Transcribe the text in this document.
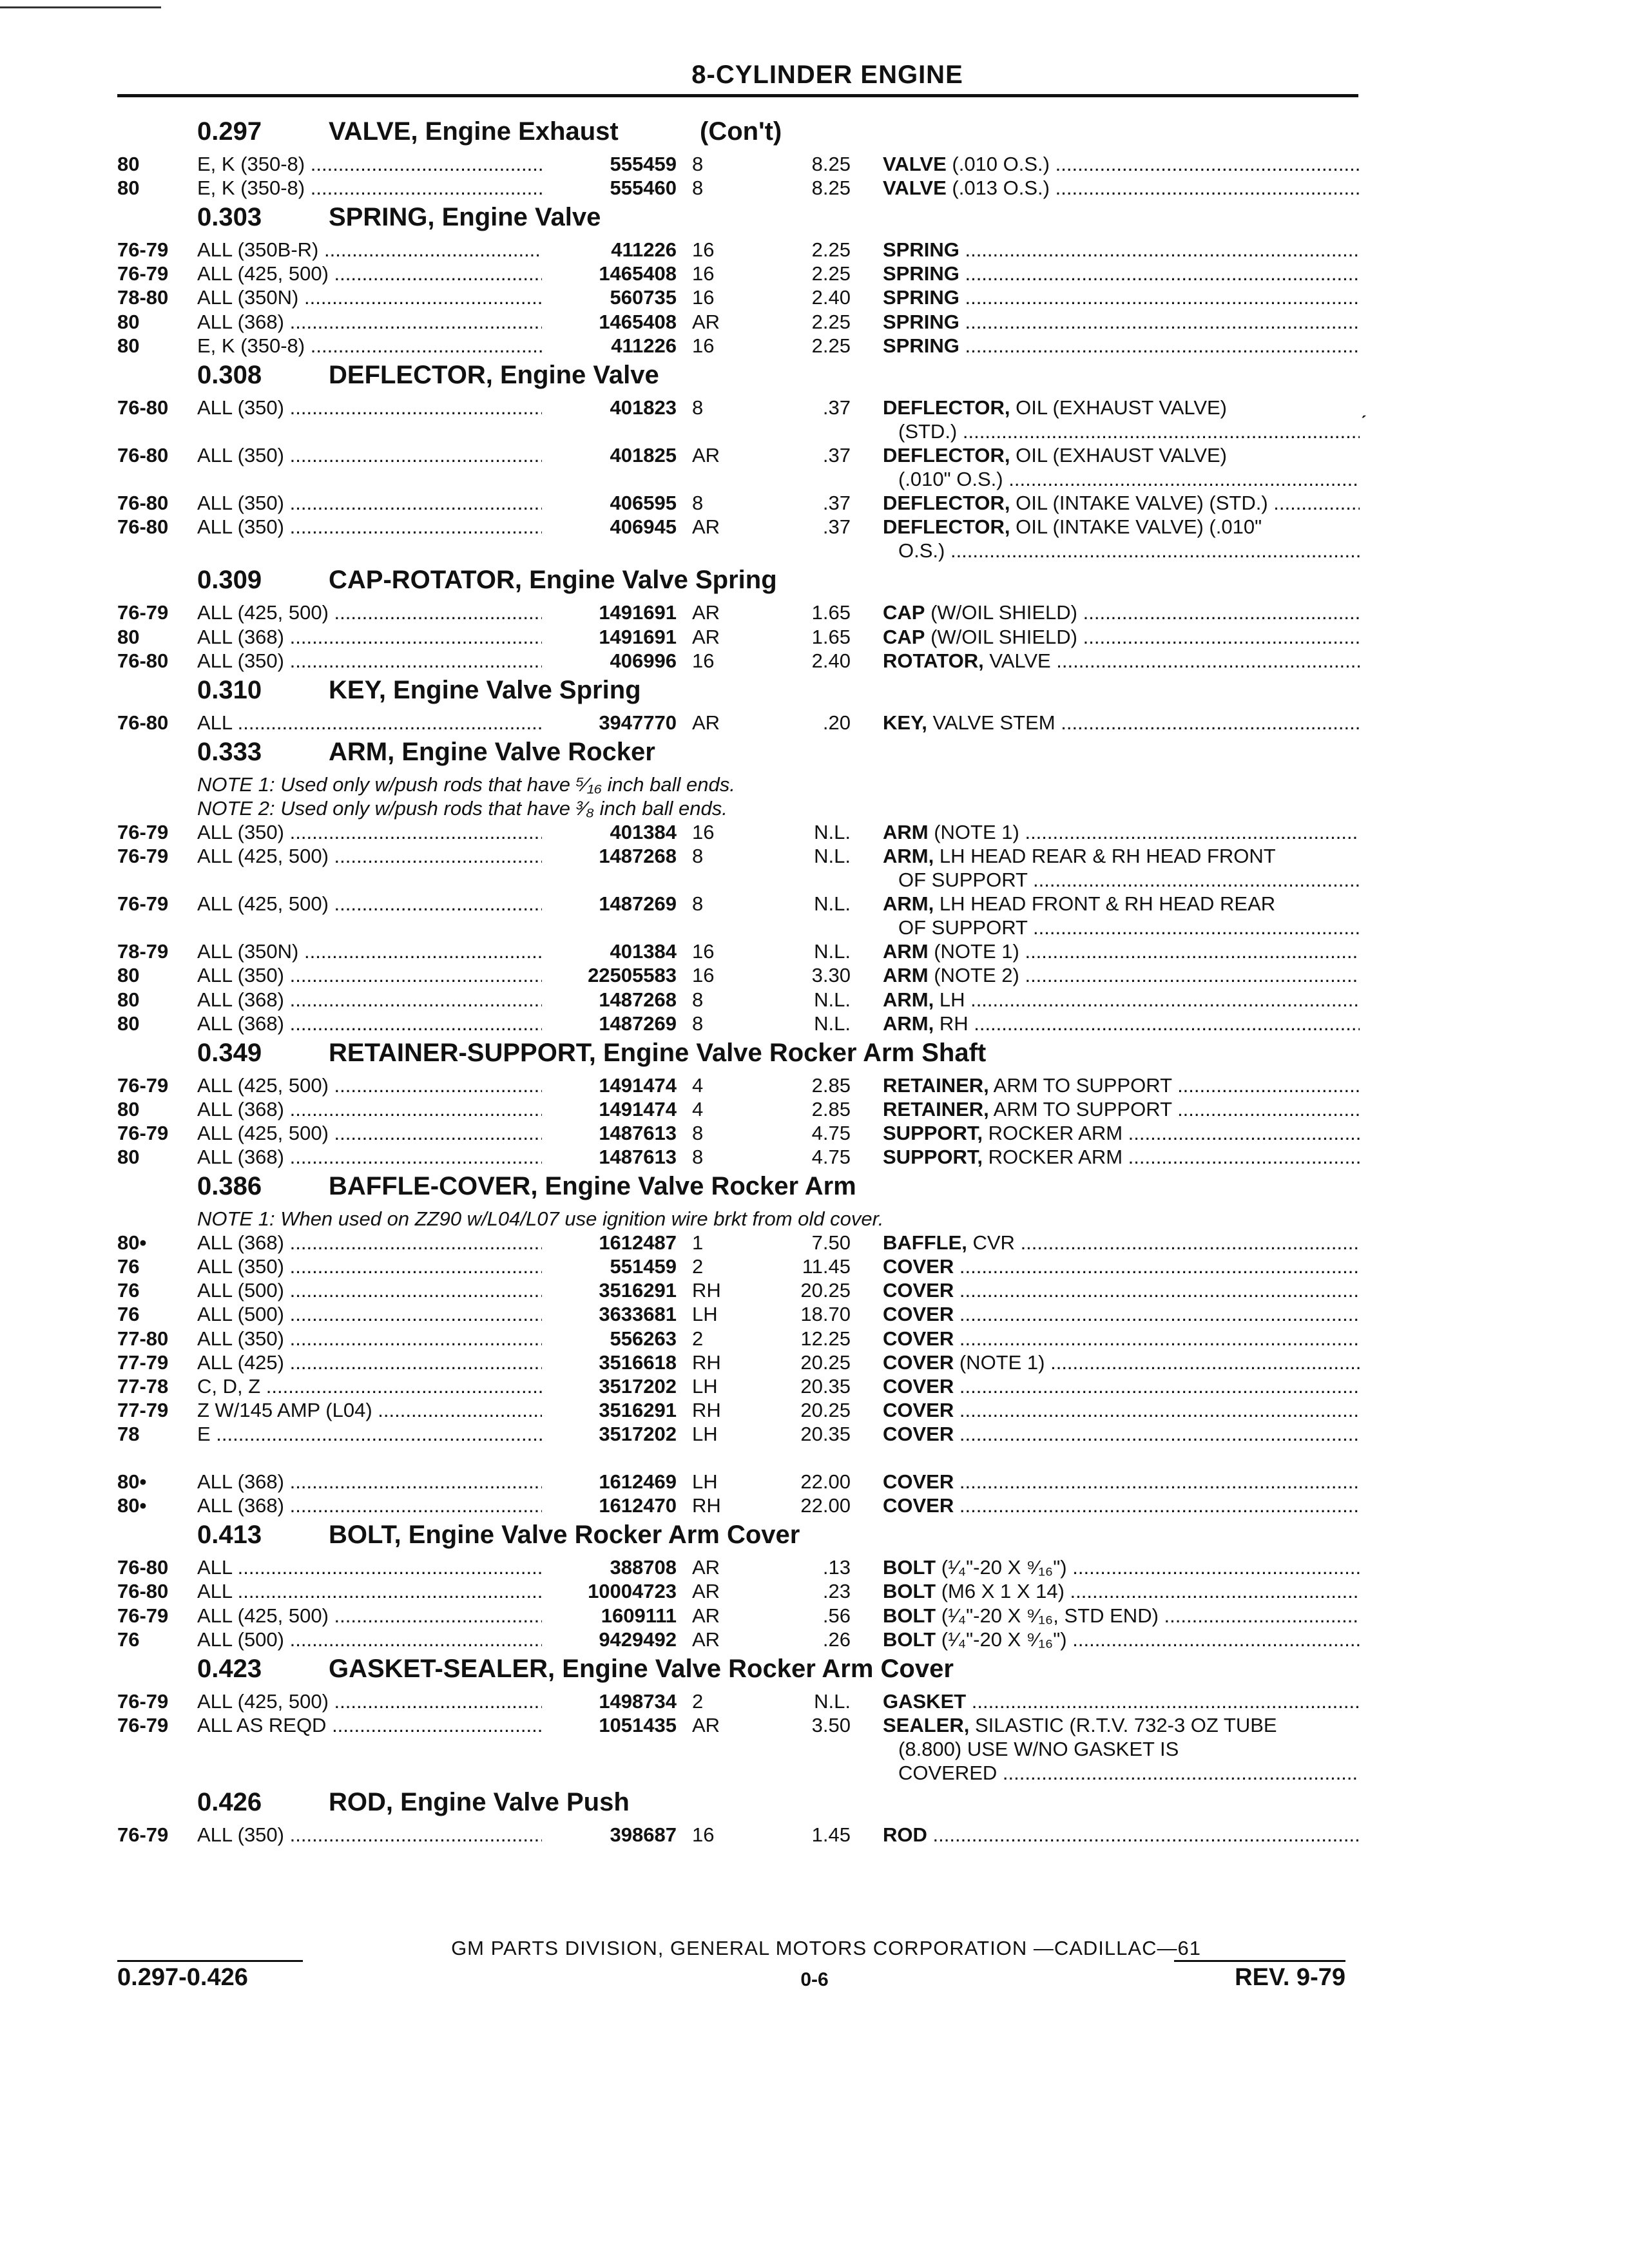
8-CYLINDER ENGINE
ˊ
0.297	VALVE, Engine Exhaust	(Con't)
80	E, K (350-8) .....	555459 8	8.25 VALVE (.010 O.S.) .....
80	E, K (350-8) .....	555460 8	8.25 VALVE (.013 O.S.) .....
0.303	SPRING, Engine Valve
76-79 ALL (350B-R) .....	411226 16	2.25 SPRING .....
76-79 ALL (425, 500) .....	1465408 16	2.25 SPRING .....
78-80 ALL (350N) .....	560735 16	2.40 SPRING .....
80	ALL (368) .....	1465408 AR	2.25 SPRING .....
80	E, K (350-8) .....	411226 16	2.25 SPRING .....
0.308	DEFLECTOR, Engine Valve
76-80 ALL (350) .....	401823 8	.37 DEFLECTOR, OIL (EXHAUST VALVE)
(STD.) .....
76-80 ALL (350) .....	401825 AR	.37 DEFLECTOR, OIL (EXHAUST VALVE)
(.010" O.S.) .....
76-80 ALL (350) .....	406595 8	.37 DEFLECTOR, OIL (INTAKE VALVE) (STD.) .....
76-80 ALL (350) .....	406945 AR	.37 DEFLECTOR, OIL (INTAKE VALVE) (.010"
O.S.) .....
0.309	CAP-ROTATOR, Engine Valve Spring
76-79 ALL (425, 500) .....	1491691 AR	1.65 CAP (W/OIL SHIELD) .....
80	ALL (368) .....	1491691 AR	1.65 CAP (W/OIL SHIELD) .....
76-80 ALL (350) .....	406996 16	2.40 ROTATOR, VALVE .....
0.310	KEY, Engine Valve Spring
76-80 ALL .....	3947770 AR	.20 KEY, VALVE STEM .....
0.333	ARM, Engine Valve Rocker
NOTE 1: Used only w/push rods that have ⁵⁄₁₆ inch ball ends.
NOTE 2: Used only w/push rods that have ³⁄₈ inch ball ends.
76-79 ALL (350) .....	401384 16	N.L. ARM (NOTE 1) .....
76-79 ALL (425, 500) .....	1487268 8	N.L. ARM, LH HEAD REAR & RH HEAD FRONT
OF SUPPORT .....
76-79 ALL (425, 500) .....	1487269 8	N.L. ARM, LH HEAD FRONT & RH HEAD REAR
OF SUPPORT .....
78-79 ALL (350N) .....	401384 16	N.L. ARM (NOTE 1) .....
80	ALL (350) .....	22505583 16	3.30 ARM (NOTE 2) .....
80	ALL (368) .....	1487268 8	N.L. ARM, LH .....
80	ALL (368) .....	1487269 8	N.L. ARM, RH .....
0.349	RETAINER-SUPPORT, Engine Valve Rocker Arm Shaft
76-79 ALL (425, 500) .....	1491474 4	2.85 RETAINER, ARM TO SUPPORT .....
80	ALL (368) .....	1491474 4	2.85 RETAINER, ARM TO SUPPORT .....
76-79 ALL (425, 500) .....	1487613 8	4.75 SUPPORT, ROCKER ARM .....
80	ALL (368) .....	1487613 8	4.75 SUPPORT, ROCKER ARM .....
0.386	BAFFLE-COVER, Engine Valve Rocker Arm
NOTE 1: When used on ZZ90 w/L04/L07 use ignition wire brkt from old cover.
80•	ALL (368) .....	1612487 1	7.50 BAFFLE, CVR .....
76	ALL (350) .....	551459 2	11.45 COVER .....
76	ALL (500) .....	3516291 RH	20.25 COVER .....
76	ALL (500) .....	3633681 LH	18.70 COVER .....
77-80 ALL (350) .....	556263 2	12.25 COVER .....
77-79 ALL (425) .....	3516618 RH	20.25 COVER (NOTE 1) .....
77-78 C, D, Z .....	3517202 LH	20.35 COVER .....
77-79 Z W/145 AMP (L04) .....	3516291 RH	20.25 COVER .....
78	E .....	3517202 LH	20.35 COVER .....
80•	ALL (368) .....	1612469 LH	22.00 COVER .....
80•	ALL (368) .....	1612470 RH	22.00 COVER .....
0.413	BOLT, Engine Valve Rocker Arm Cover
76-80 ALL .....	388708 AR	.13 BOLT (¹⁄₄"-20 X ⁹⁄₁₆") .....
76-80 ALL .....	10004723 AR	.23 BOLT (M6 X 1 X 14) .....
76-79 ALL (425, 500) .....	1609111 AR	.56 BOLT (¹⁄₄"-20 X ⁹⁄₁₆, STD END) .....
76	ALL (500) .....	9429492 AR	.26 BOLT (¹⁄₄"-20 X ⁹⁄₁₆") .....
0.423	GASKET-SEALER, Engine Valve Rocker Arm Cover
76-79 ALL (425, 500) .....	1498734 2	N.L. GASKET .....
76-79 ALL AS REQD .....	1051435 AR	3.50 SEALER, SILASTIC (R.T.V. 732-3 OZ TUBE
(8.800) USE W/NO GASKET IS
COVERED .....
0.426	ROD, Engine Valve Push
76-79 ALL (350) .....	398687 16	1.45 ROD .....
GM PARTS DIVISION, GENERAL MOTORS CORPORATION —CADILLAC—61
0.297-0.426	0-6	REV. 9-79
